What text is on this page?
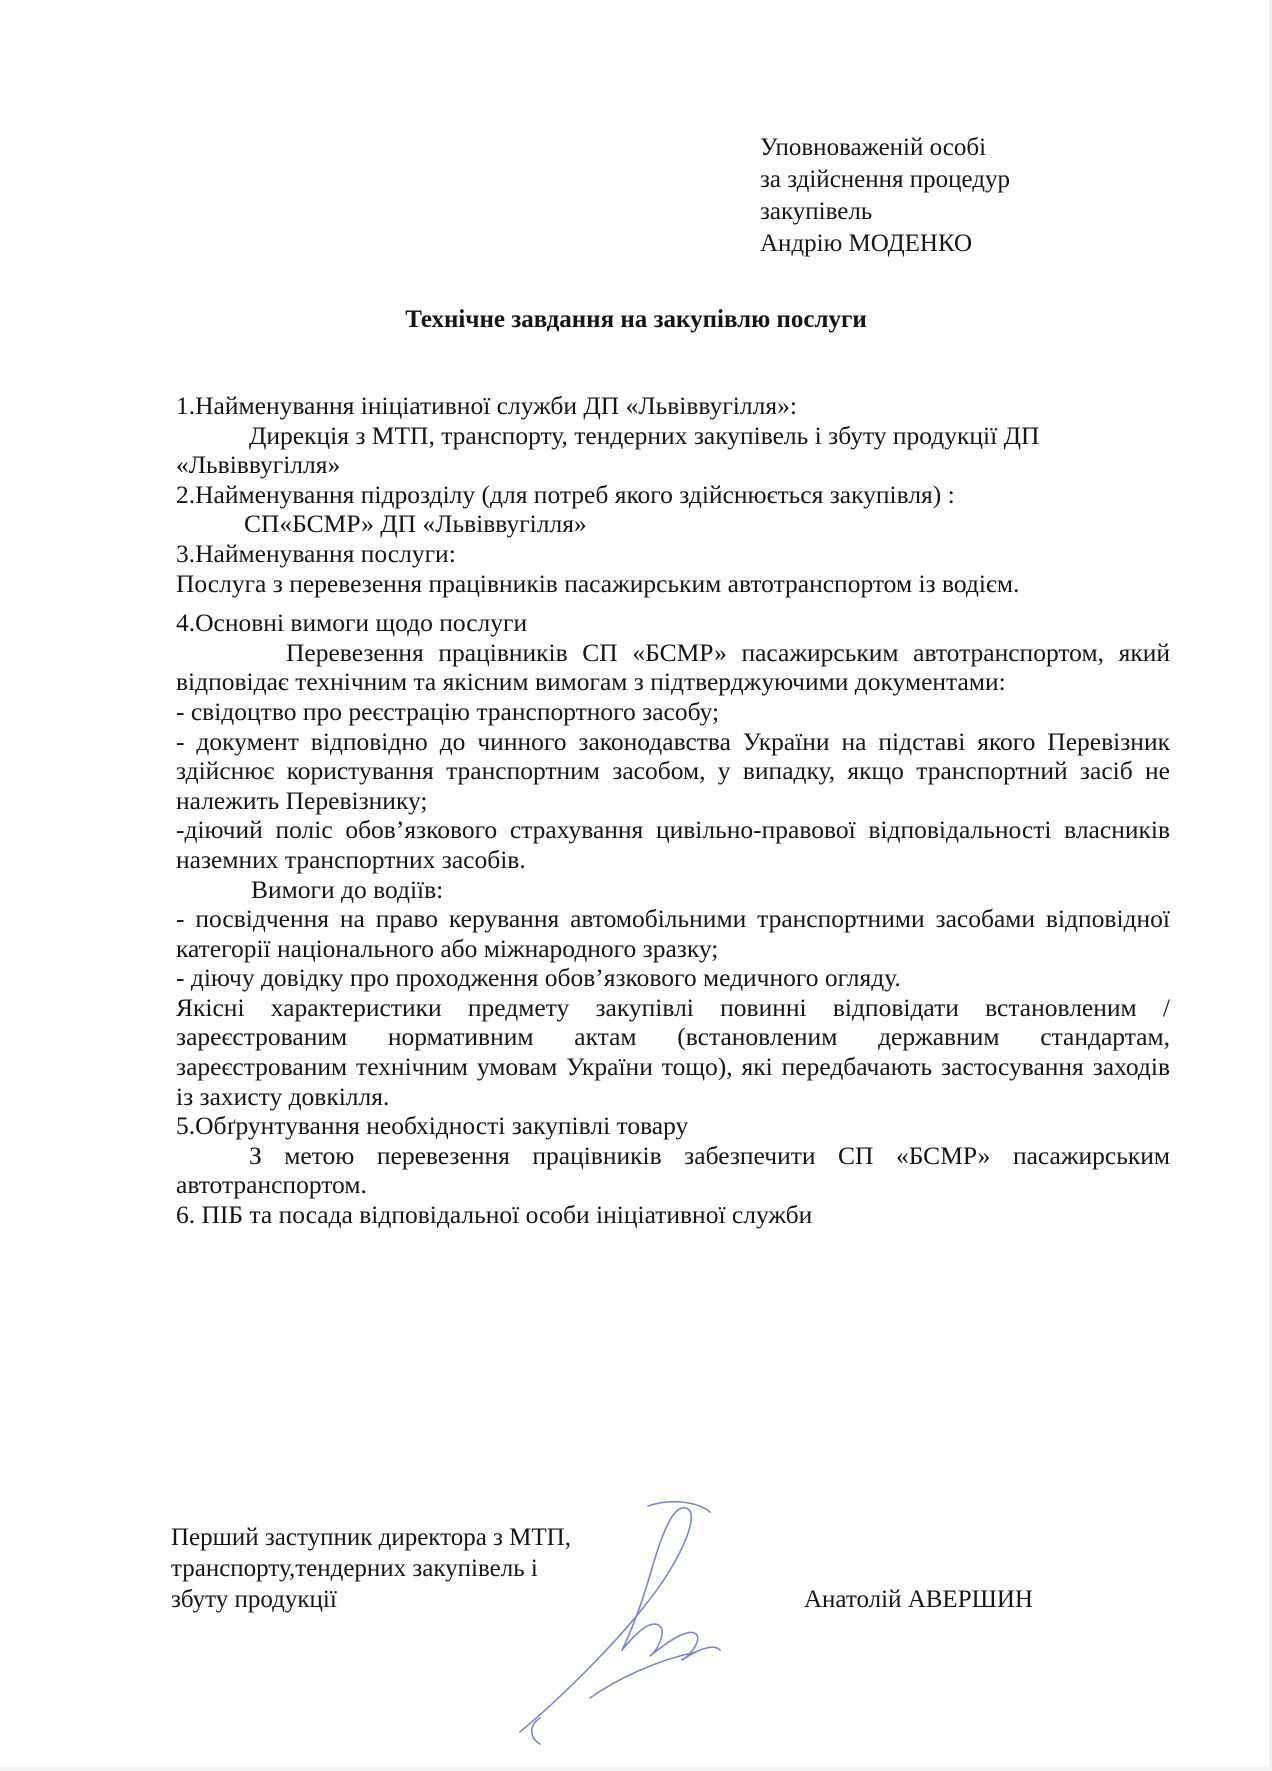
Уповноваженій особі
за здійснення процедур
закупівель
Андрію МОДЕНКО
Технічне завдання на закупівлю послуги

1.Найменування ініціативної служби ДП «Львіввугілля»:

Дирекція з МТП, транспорту, тендерних закупівель і збуту продукції ДП

«Львіввугілля»

2.Найменування підрозділу (для потреб якого здійснюється закупівля) :

СП«БСМР» ДП «Львіввугілля»

3.Найменування послуги:

Послуга з перевезення працівників пасажирським автотранспортом із водієм.

4.Основні вимоги щодо послуги

Перевезення працівників СП «БСМР» пасажирським автотранспортом, який відповідає технічним та якісним вимогам з підтверджуючими документами:

- свідоцтво про реєстрацію транспортного засобу;

- документ відповідно до чинного законодавства України на підставі якого Перевізник здійснює користування транспортним засобом, у випадку, якщо транспортний засіб не належить Перевізнику;

-діючий поліс обов’язкового страхування цивільно-правової відповідальності власників наземних транспортних засобів.

Вимоги до водіїв:

- посвідчення на право керування автомобільними транспортними засобами відповідної категорії національного або міжнародного зразку;

- діючу довідку про проходження обов’язкового медичного огляду.

Якісні характеристики предмету закупівлі повинні відповідати встановленим /зареєстрованим нормативним актам (встановленим державним стандартам, зареєстрованим технічним умовам України тощо), які передбачають застосування заходів із захисту довкілля.

5.Обґрунтування необхідності закупівлі товару

З метою перевезення працівників забезпечити СП «БСМР» пасажирським автотранспортом.

6. ПІБ та посада відповідальної особи ініціативної служби

Перший заступник директора з МТП,
транспорту,тендерних закупівель і
збуту продукції	Анатолій АВЕРШИН
